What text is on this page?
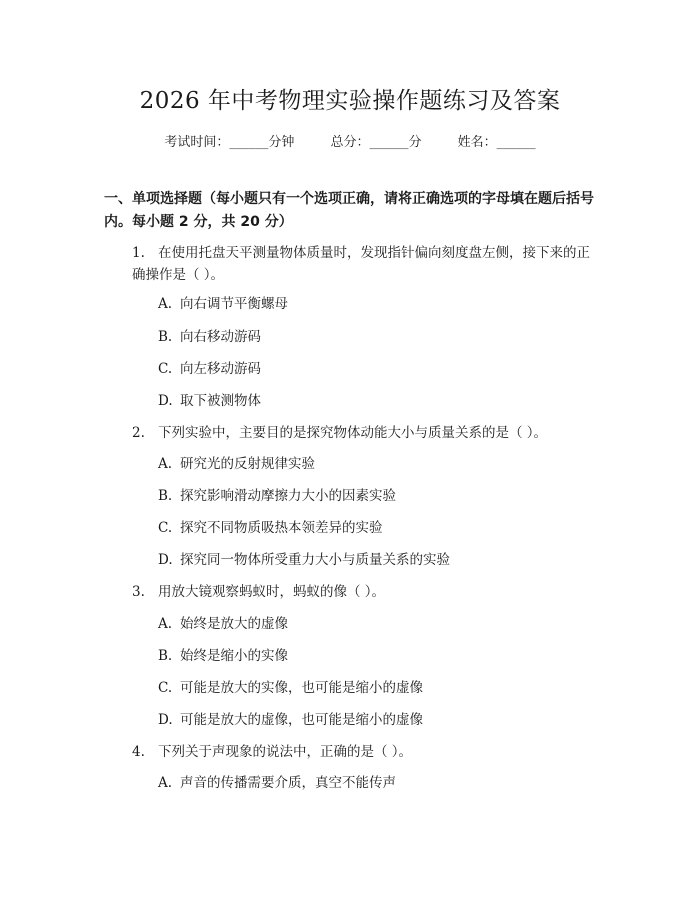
2026 年中考物理实验操作题练习及答案
考试时间：______分钟	总分：______分	姓名：______
一、单项选择题（每小题只有一个选项正确，请将正确选项的字母填在题后括号内。每小题 2 分，共 20 分）
1. 在使用托盘天平测量物体质量时，发现指针偏向刻度盘左侧，接下来的正确操作是（ ）。
A. 向右调节平衡螺母
B. 向右移动游码
C. 向左移动游码
D. 取下被测物体
2. 下列实验中，主要目的是探究物体动能大小与质量关系的是（ ）。
A. 研究光的反射规律实验
B. 探究影响滑动摩擦力大小的因素实验
C. 探究不同物质吸热本领差异的实验
D. 探究同一物体所受重力大小与质量关系的实验
3. 用放大镜观察蚂蚁时，蚂蚁的像（ ）。
A. 始终是放大的虚像
B. 始终是缩小的实像
C. 可能是放大的实像，也可能是缩小的虚像
D. 可能是放大的虚像，也可能是缩小的虚像
4. 下列关于声现象的说法中，正确的是（ ）。
A. 声音的传播需要介质，真空不能传声
